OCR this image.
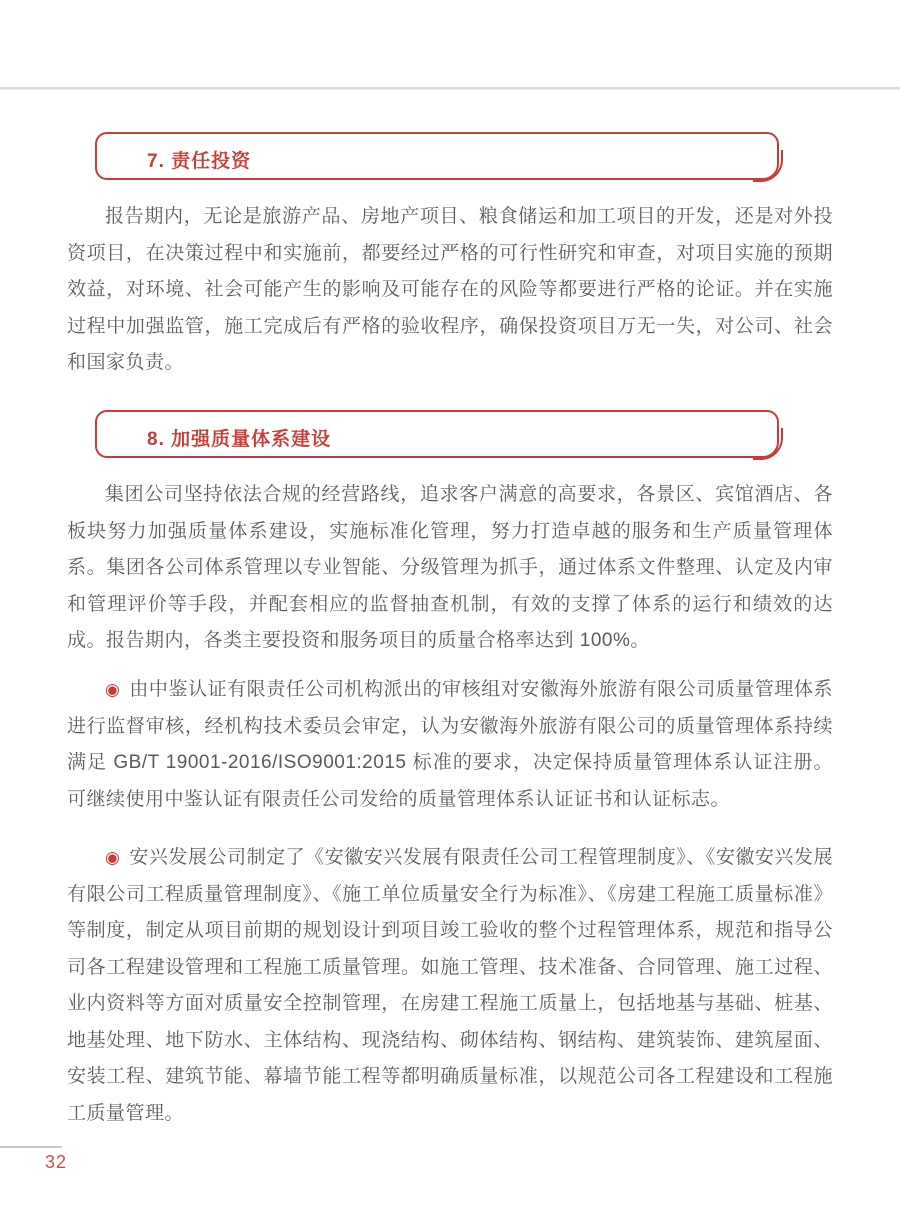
7. 责任投资

报告期内，无论是旅游产品、房地产项目、粮食储运和加工项目的开发，还是对外投资项目，在决策过程中和实施前，都要经过严格的可行性研究和审查，对项目实施的预期效益，对环境、社会可能产生的影响及可能存在的风险等都要进行严格的论证。并在实施过程中加强监管，施工完成后有严格的验收程序，确保投资项目万无一失，对公司、社会和国家负责。

8. 加强质量体系建设

集团公司坚持依法合规的经营路线，追求客户满意的高要求，各景区、宾馆酒店、各板块努力加强质量体系建设，实施标准化管理，努力打造卓越的服务和生产质量管理体系。集团各公司体系管理以专业智能、分级管理为抓手，通过体系文件整理、认定及内审和管理评价等手段，并配套相应的监督抽查机制，有效的支撑了体系的运行和绩效的达成。报告期内，各类主要投资和服务项目的质量合格率达到 100%。

◉ 由中鉴认证有限责任公司机构派出的审核组对安徽海外旅游有限公司质量管理体系进行监督审核，经机构技术委员会审定，认为安徽海外旅游有限公司的质量管理体系持续满足 GB/T 19001-2016/ISO9001:2015 标准的要求，决定保持质量管理体系认证注册。可继续使用中鉴认证有限责任公司发给的质量管理体系认证证书和认证标志。

◉ 安兴发展公司制定了《安徽安兴发展有限责任公司工程管理制度》、《安徽安兴发展有限公司工程质量管理制度》、《施工单位质量安全行为标准》、《房建工程施工质量标准》等制度，制定从项目前期的规划设计到项目竣工验收的整个过程管理体系，规范和指导公司各工程建设管理和工程施工质量管理。如施工管理、技术准备、合同管理、施工过程、业内资料等方面对质量安全控制管理，在房建工程施工质量上，包括地基与基础、桩基、地基处理、地下防水、主体结构、现浇结构、砌体结构、钢结构、建筑装饰、建筑屋面、安装工程、建筑节能、幕墙节能工程等都明确质量标准，以规范公司各工程建设和工程施工质量管理。

32
